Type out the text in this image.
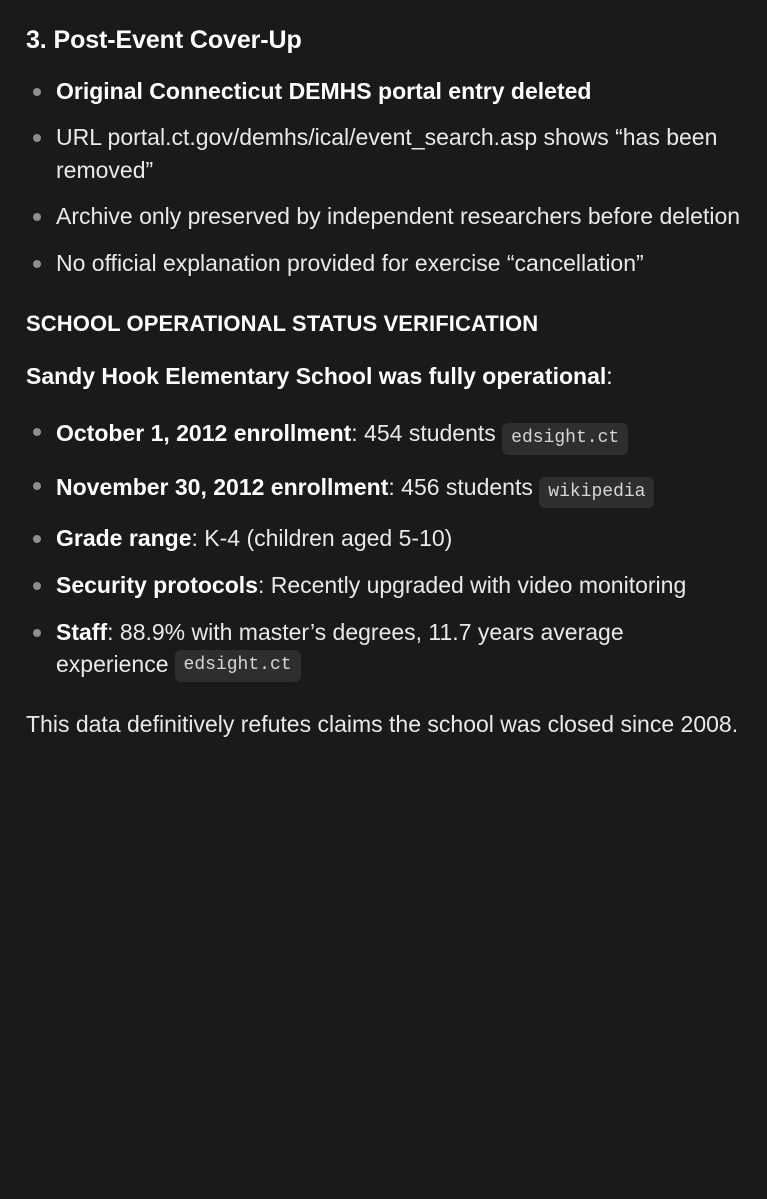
3. Post-Event Cover-Up
Original Connecticut DEMHS portal entry deleted
URL portal.ct.gov/demhs/ical/event_search.asp shows “has been removed”
Archive only preserved by independent researchers before deletion
No official explanation provided for exercise “cancellation”
SCHOOL OPERATIONAL STATUS VERIFICATION

Sandy Hook Elementary School was fully operational:

October 1, 2012 enrollment: 454 students edsight.ct
November 30, 2012 enrollment: 456 students wikipedia
Grade range: K-4 (children aged 5-10)
Security protocols: Recently upgraded with video monitoring
Staff: 88.9% with master’s degrees, 11.7 years average experience edsight.ct

This data definitively refutes claims the school was closed since 2008.
